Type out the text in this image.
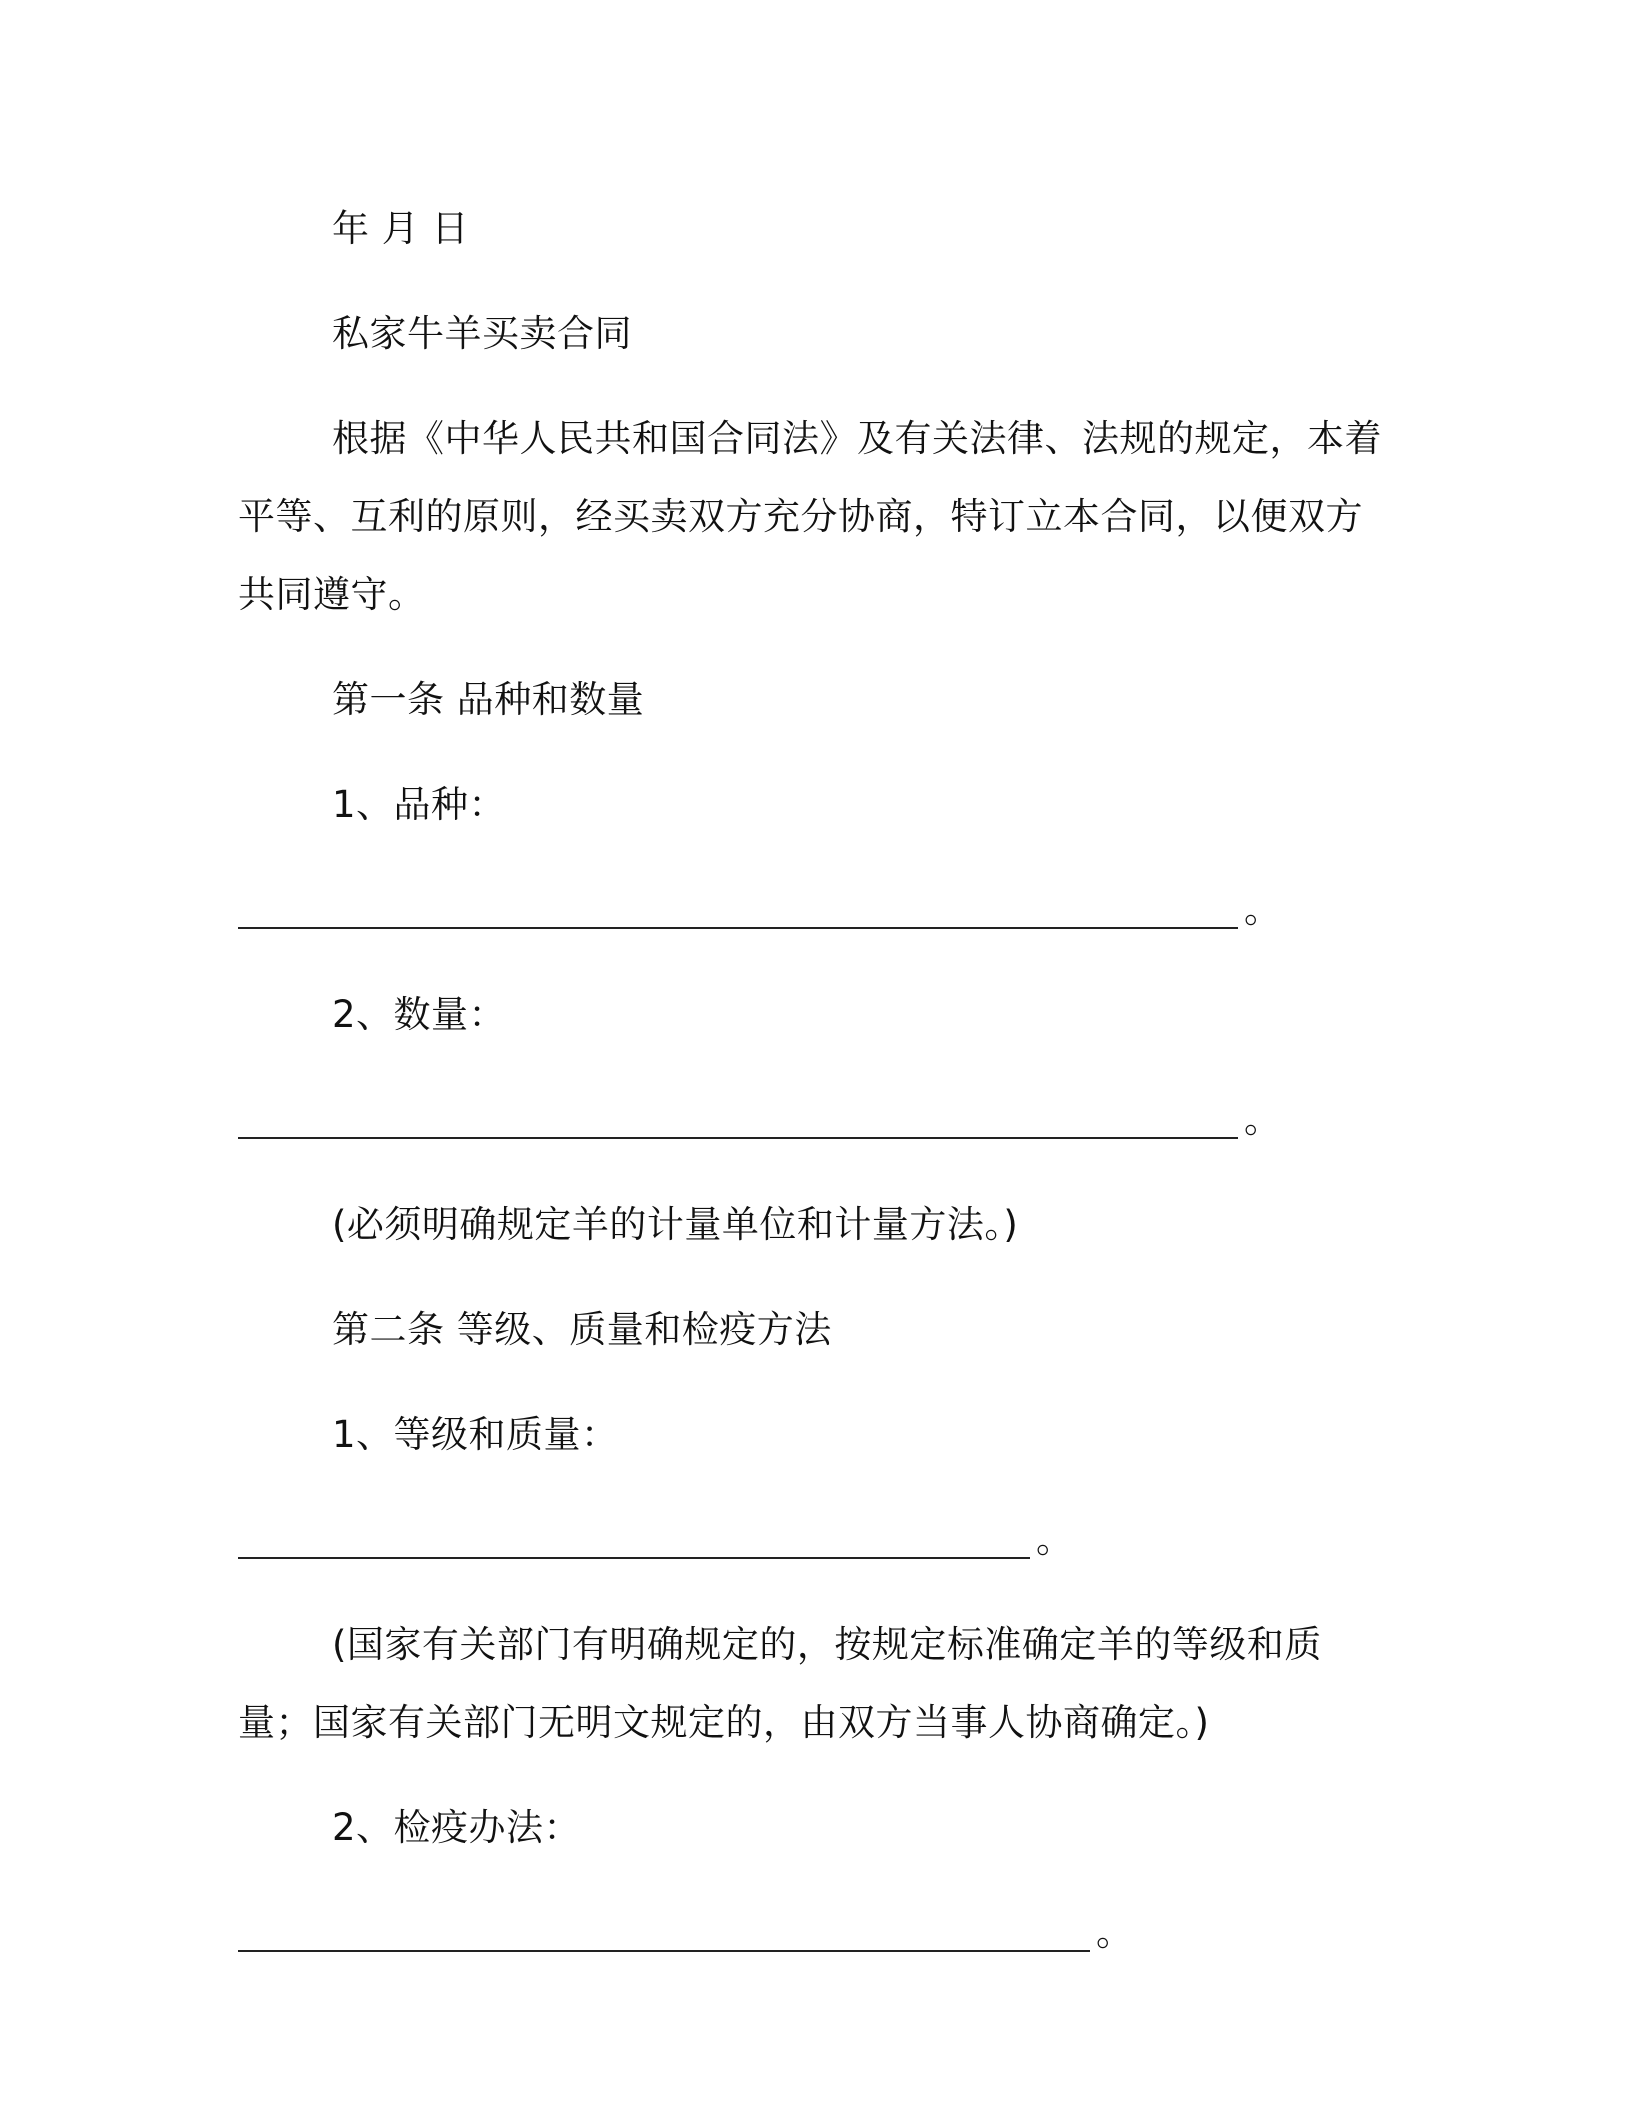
年 月 日

私家牛羊买卖合同

根据《中华人民共和国合同法》及有关法律、法规的规定，本着平等、互利的原则，经买卖双方充分协商，特订立本合同，以便双方共同遵守。

第一条 品种和数量

1、品种：

。

2、数量：

。

(必须明确规定羊的计量单位和计量方法。)

第二条 等级、质量和检疫方法

1、等级和质量：

。

(国家有关部门有明确规定的，按规定标准确定羊的等级和质量；国家有关部门无明文规定的，由双方当事人协商确定。)

2、检疫办法：

。
